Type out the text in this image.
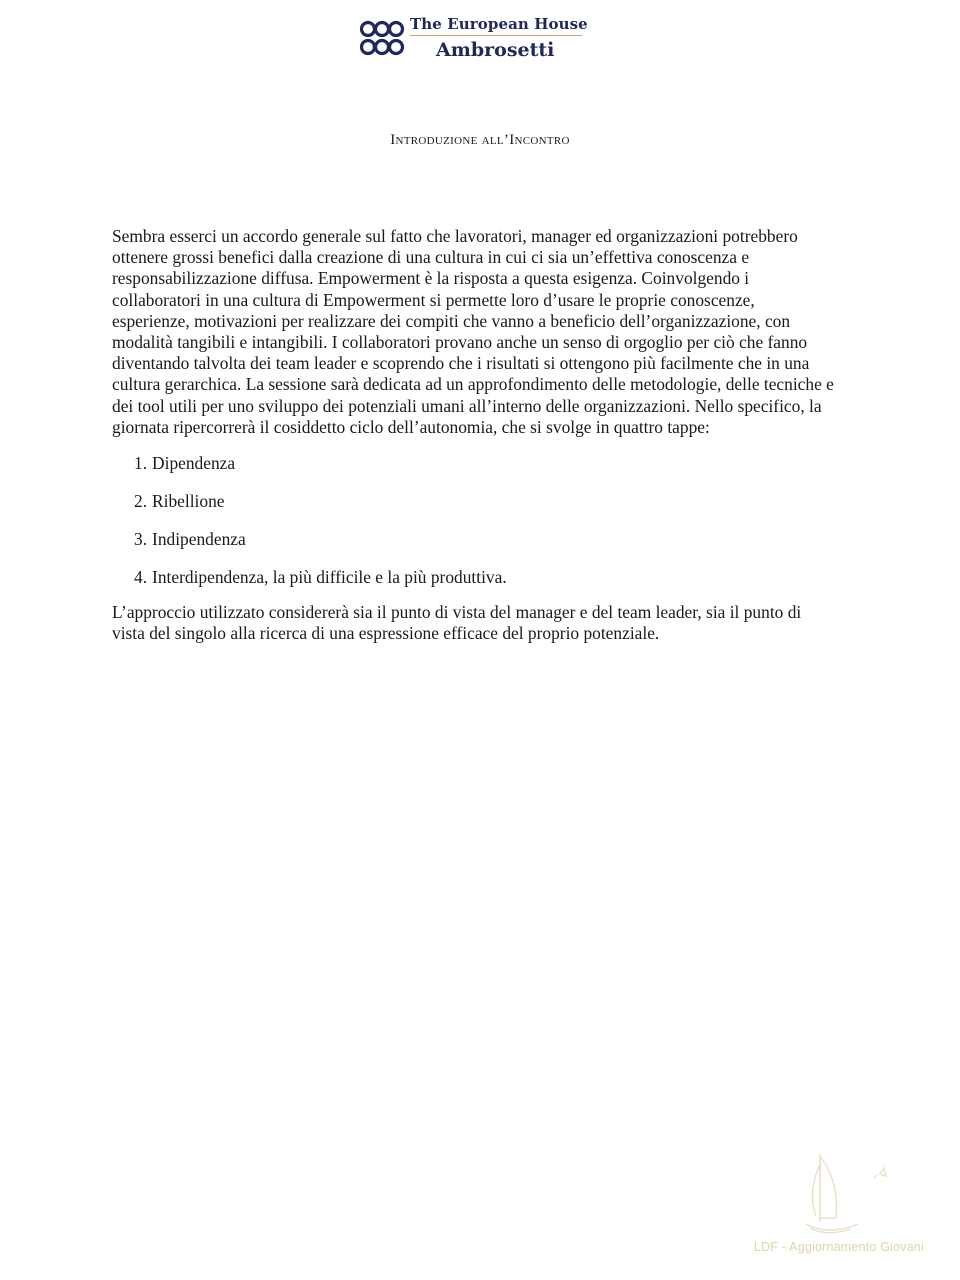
The European House
Ambrosetti
Introduzione all’Incontro

Sembra esserci un accordo generale sul fatto che lavoratori, manager ed organizzazioni potrebbero ottenere grossi benefici dalla creazione di una cultura in cui ci sia un’effettiva conoscenza e responsabilizzazione diffusa. Empowerment è la risposta a questa esigenza. Coinvolgendo i collaboratori in una cultura di Empowerment si permette loro d’usare le proprie conoscenze, esperienze, motivazioni per realizzare dei compiti che vanno a beneficio dell’organizzazione, con modalità tangibili e intangibili. I collaboratori provano anche un senso di orgoglio per ciò che fanno diventando talvolta dei team leader e scoprendo che i risultati si ottengono più facilmente che in una cultura gerarchica. La sessione sarà dedicata ad un approfondimento delle metodologie, delle tecniche e dei tool utili per uno sviluppo dei potenziali umani all’interno delle organizzazioni. Nello specifico, la giornata ripercorrerà il cosiddetto ciclo dell’autonomia, che si svolge in quattro tappe:

1. Dipendenza
2. Ribellione
3. Indipendenza
4. Interdipendenza, la più difficile e la più produttiva.

L’approccio utilizzato considererà sia il punto di vista del manager e del team leader, sia il punto di vista del singolo alla ricerca di una espressione efficace del proprio potenziale.

LDF - Aggiornamento Giovani
